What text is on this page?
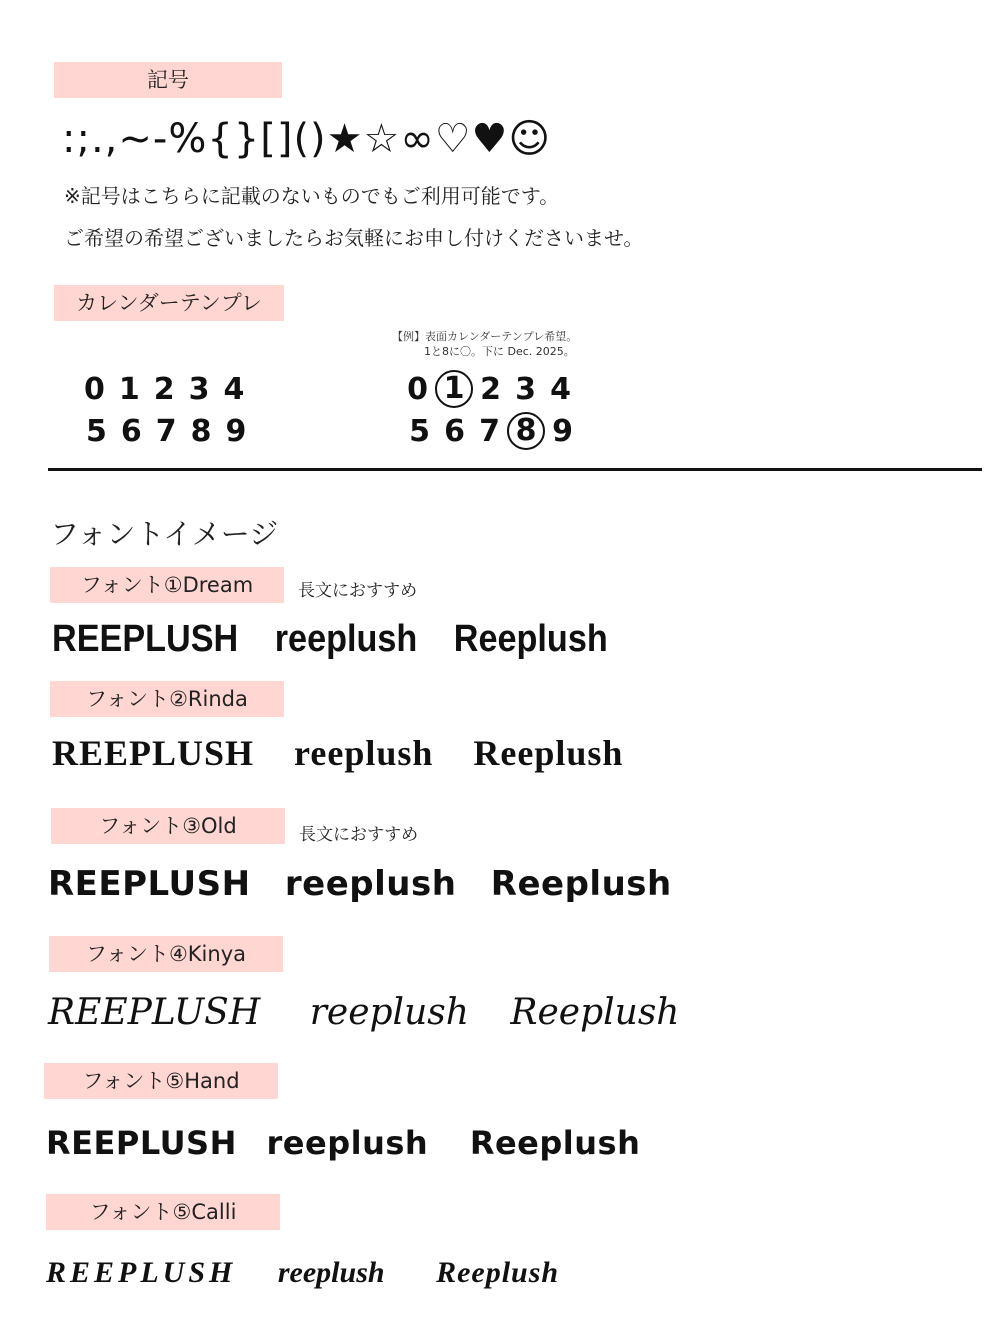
記号
:;.,~-%{}[]()★☆∞♡♥☺
※記号はこちらに記載のないものでもご利用可能です。
ご希望の希望ございましたらお気軽にお申し付けくださいませ。
カレンダーテンプレ
01234
56789
【例】表面カレンダーテンプレ希望。
1と8に〇。下に Dec. 2025。
0 1 2 3 4
5 6 7 8 9
フォントイメージ
フォント①Dream	長文におすすめ
REEPLUSH reeplush Reeplush
フォント②Rinda
REEPLUSH reeplush Reeplush
フォント③Old	長文におすすめ
REEPLUSH reeplush Reeplush
フォント④Kinya
REEPLUSH reeplush Reeplush
フォント⑤Hand
REEPLUSH reeplush Reeplush
フォント⑤Calli
REEPLUSH reeplush Reeplush
